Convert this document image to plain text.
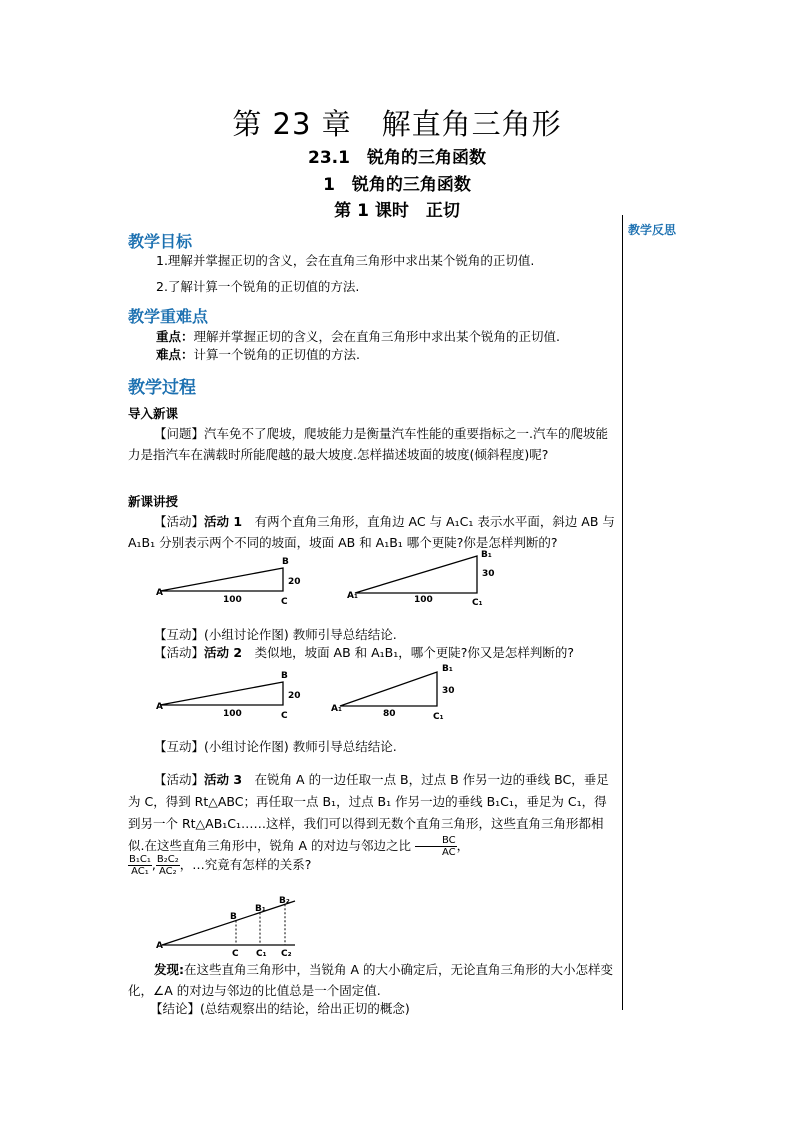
第 23 章　解直角三角形
23.1　锐角的三角函数
1　锐角的三角函数
第 1 课时　正切
教学反思
教学目标
1.理解并掌握正切的含义，会在直角三角形中求出某个锐角的正切值.
2.了解计算一个锐角的正切值的方法.
教学重难点
重点：理解并掌握正切的含义，会在直角三角形中求出某个锐角的正切值.
难点：计算一个锐角的正切值的方法.
教学过程
导入新课
【问题】汽车免不了爬坡，爬坡能力是衡量汽车性能的重要指标之一.汽车的爬坡能力是指汽车在满载时所能爬越的最大坡度.怎样描述坡面的坡度(倾斜程度)呢?
新课讲授
【活动】活动 1　有两个直角三角形，直角边 AC 与 A₁C₁ 表示水平面，斜边 AB 与 A₁B₁ 分别表示两个不同的坡面，坡面 AB 和 A₁B₁ 哪个更陡?你是怎样判断的?
A
B
C
100
20
A₁
B₁
C₁
100
30
【互动】(小组讨论作图) 教师引导总结结论.
【活动】活动 2　类似地，坡面 AB 和 A₁B₁，哪个更陡?你又是怎样判断的?
A
B
C
100
20
A₁
B₁
C₁
80
30
【互动】(小组讨论作图) 教师引导总结结论.
【活动】活动 3　在锐角 A 的一边任取一点 B，过点 B 作另一边的垂线 BC，垂足为 C，得到 Rt△ABC；再任取一点 B₁，过点 B₁ 作另一边的垂线 B₁C₁，垂足为 C₁，得到另一个 Rt△AB₁C₁……这样，我们可以得到无数个直角三角形，这些直角三角形都相似.在这些直角三角形中，锐角 A 的对边与邻边之比 $\frac{BC}{AC}$ ，
$\frac{\text{B₁C₁}}{\text{AC₁}}$ , $\frac{\text{B₂C₂}}{\text{AC₂}}$ ，…究竟有怎样的关系?
A
B
B₁
B₂
C C₁ C₂
发现:在这些直角三角形中，当锐角 A 的大小确定后，无论直角三角形的大小怎样变化，∠A 的对边与邻边的比值总是一个固定值.
【结论】(总结观察出的结论，给出正切的概念)
